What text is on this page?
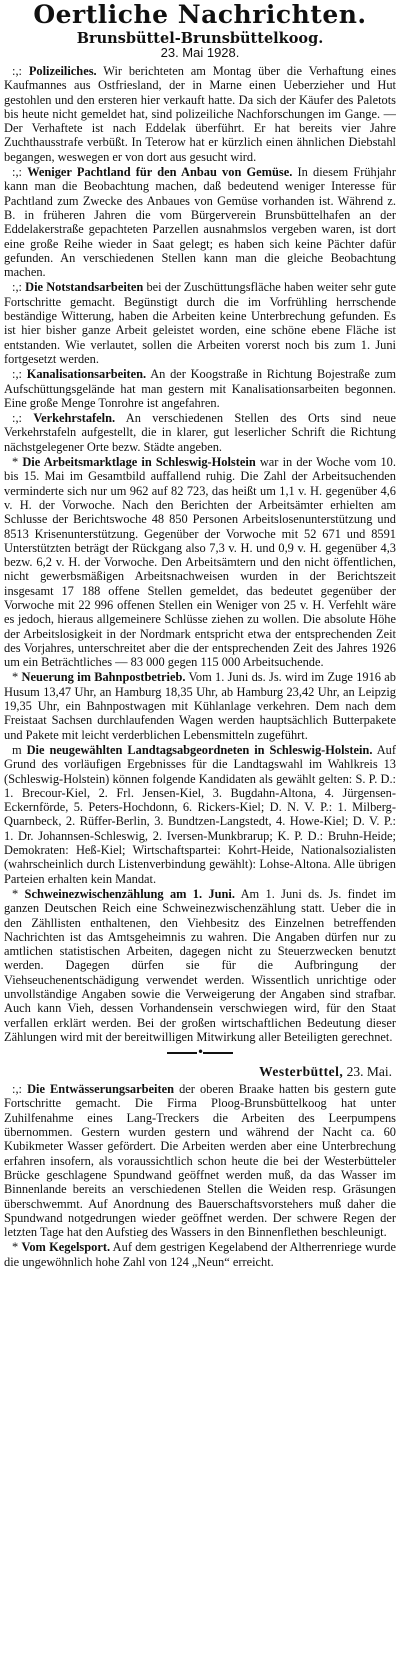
Oertliche Nachrichten.
Brunsbüttel-Brunsbüttelkoog.
23. Mai 1928.

:,: Polizeiliches. Wir berichteten am Montag über die Verhaftung eines Kaufmannes aus Ostfriesland, der in Marne einen Ueberzieher und Hut gestohlen und den ersteren hier verkauft hatte. Da sich der Käufer des Paletots bis heute nicht gemeldet hat, sind polizeiliche Nachforschungen im Gange. — Der Verhaftete ist nach Eddelak überführt. Er hat bereits vier Jahre Zuchthausstrafe verbüßt. In Teterow hat er kürzlich einen ähnlichen Diebstahl begangen, weswegen er von dort aus gesucht wird.

:,: Weniger Pachtland für den Anbau von Gemüse. In diesem Frühjahr kann man die Beobachtung machen, daß bedeutend weniger Interesse für Pachtland zum Zwecke des Anbaues von Gemüse vorhanden ist. Während z. B. in früheren Jahren die vom Bürgerverein Brunsbüttelhafen an der Eddelakerstraße gepachteten Parzellen ausnahmslos vergeben waren, ist dort eine große Reihe wieder in Saat gelegt; es haben sich keine Pächter dafür gefunden. An verschiedenen Stellen kann man die gleiche Beobachtung machen.

:,: Die Notstandsarbeiten bei der Zuschüttungsfläche haben weiter sehr gute Fortschritte gemacht. Begünstigt durch die im Vorfrühling herrschende beständige Witterung, haben die Arbeiten keine Unterbrechung gefunden. Es ist hier bisher ganze Arbeit geleistet worden, eine schöne ebene Fläche ist entstanden. Wie verlautet, sollen die Arbeiten vorerst noch bis zum 1. Juni fortgesetzt werden.

:,: Kanalisationsarbeiten. An der Koogstraße in Richtung Bojestraße zum Aufschüttungsgelände hat man gestern mit Kanalisationsarbeiten begonnen. Eine große Menge Tonrohre ist angefahren.

:,: Verkehrstafeln. An verschiedenen Stellen des Orts sind neue Verkehrstafeln aufgestellt, die in klarer, gut leserlicher Schrift die Richtung nächstgelegener Orte bezw. Städte angeben.

* Die Arbeitsmarktlage in Schleswig-Holstein war in der Woche vom 10. bis 15. Mai im Gesamtbild auffallend ruhig. Die Zahl der Arbeitsuchenden verminderte sich nur um 962 auf 82 723, das heißt um 1,1 v. H. gegenüber 4,6 v. H. der Vorwoche. Nach den Berichten der Arbeitsämter erhielten am Schlusse der Berichtswoche 48 850 Personen Arbeitslosenunterstützung und 8513 Krisenunterstützung. Gegenüber der Vorwoche mit 52 671 und 8591 Unterstützten beträgt der Rückgang also 7,3 v. H. und 0,9 v. H. gegenüber 4,3 bezw. 6,2 v. H. der Vorwoche. Den Arbeitsämtern und den nicht öffentlichen, nicht gewerbsmäßigen Arbeitsnachweisen wurden in der Berichtszeit insgesamt 17 188 offene Stellen gemeldet, das bedeutet gegenüber der Vorwoche mit 22 996 offenen Stellen ein Weniger von 25 v. H. Verfehlt wäre es jedoch, hieraus allgemeinere Schlüsse ziehen zu wollen. Die absolute Höhe der Arbeitslosigkeit in der Nordmark entspricht etwa der entsprechenden Zeit des Vorjahres, unterschreitet aber die der entsprechenden Zeit des Jahres 1926 um ein Beträchtliches — 83 000 gegen 115 000 Arbeitsuchende.

* Neuerung im Bahnpostbetrieb. Vom 1. Juni ds. Js. wird im Zuge 1916 ab Husum 13,47 Uhr, an Hamburg 18,35 Uhr, ab Hamburg 23,42 Uhr, an Leipzig 19,35 Uhr, ein Bahnpostwagen mit Kühlanlage verkehren. Dem nach dem Freistaat Sachsen durchlaufenden Wagen werden hauptsächlich Butterpakete und Pakete mit leicht verderblichen Lebensmitteln zugeführt.

m Die neugewählten Landtagsabgeordneten in Schleswig-Holstein. Auf Grund des vorläufigen Ergebnisses für die Landtagswahl im Wahlkreis 13 (Schleswig-Holstein) können folgende Kandidaten als gewählt gelten: S. P. D.: 1. Brecour-Kiel, 2. Frl. Jensen-Kiel, 3. Bugdahn-Altona, 4. Jürgensen-Eckernförde, 5. Peters-Hochdonn, 6. Rickers-Kiel; D. N. V. P.: 1. Milberg-Quarnbeck, 2. Rüffer-Berlin, 3. Bundtzen-Langstedt, 4. Howe-Kiel; D. V. P.: 1. Dr. Johannsen-Schleswig, 2. Iversen-Munkbrarup; K. P. D.: Bruhn-Heide; Demokraten: Heß-Kiel; Wirtschaftspartei: Kohrt-Heide, Nationalsozialisten (wahrscheinlich durch Listenverbindung gewählt): Lohse-Altona. Alle übrigen Parteien erhalten kein Mandat.

* Schweinezwischenzählung am 1. Juni. Am 1. Juni ds. Js. findet im ganzen Deutschen Reich eine Schweinezwischenzählung statt. Ueber die in den Zähllisten enthaltenen, den Viehbesitz des Einzelnen betreffenden Nachrichten ist das Amtsgeheimnis zu wahren. Die Angaben dürfen nur zu amtlichen statistischen Arbeiten, dagegen nicht zu Steuerzwecken benutzt werden. Dagegen dürfen sie für die Aufbringung der Viehseuchenentschädigung verwendet werden. Wissentlich unrichtige oder unvollständige Angaben sowie die Verweigerung der Angaben sind strafbar. Auch kann Vieh, dessen Vorhandensein verschwiegen wird, für den Staat verfallen erklärt werden. Bei der großen wirtschaftlichen Bedeutung dieser Zählungen wird mit der bereitwilligen Mitwirkung aller Beteiligten gerechnet.

•
Westerbüttel, 23. Mai.

:,: Die Entwässerungsarbeiten der oberen Braake hatten bis gestern gute Fortschritte gemacht. Die Firma Ploog-Brunsbüttelkoog hat unter Zuhilfenahme eines Lang-Treckers die Arbeiten des Leerpumpens übernommen. Gestern wurden gestern und während der Nacht ca. 60 Kubikmeter Wasser gefördert. Die Arbeiten werden aber eine Unterbrechung erfahren insofern, als voraussichtlich schon heute die bei der Westerbütteler Brücke geschlagene Spundwand geöffnet werden muß, da das Wasser im Binnenlande bereits an verschiedenen Stellen die Weiden resp. Gräsungen überschwemmt. Auf Anordnung des Bauerschaftsvorstehers muß daher die Spundwand notgedrungen wieder geöffnet werden. Der schwere Regen der letzten Tage hat den Aufstieg des Wassers in den Binnenflethen beschleunigt.

* Vom Kegelsport. Auf dem gestrigen Kegelabend der Altherrenriege wurde die ungewöhnlich hohe Zahl von 124 „Neun“ erreicht.
